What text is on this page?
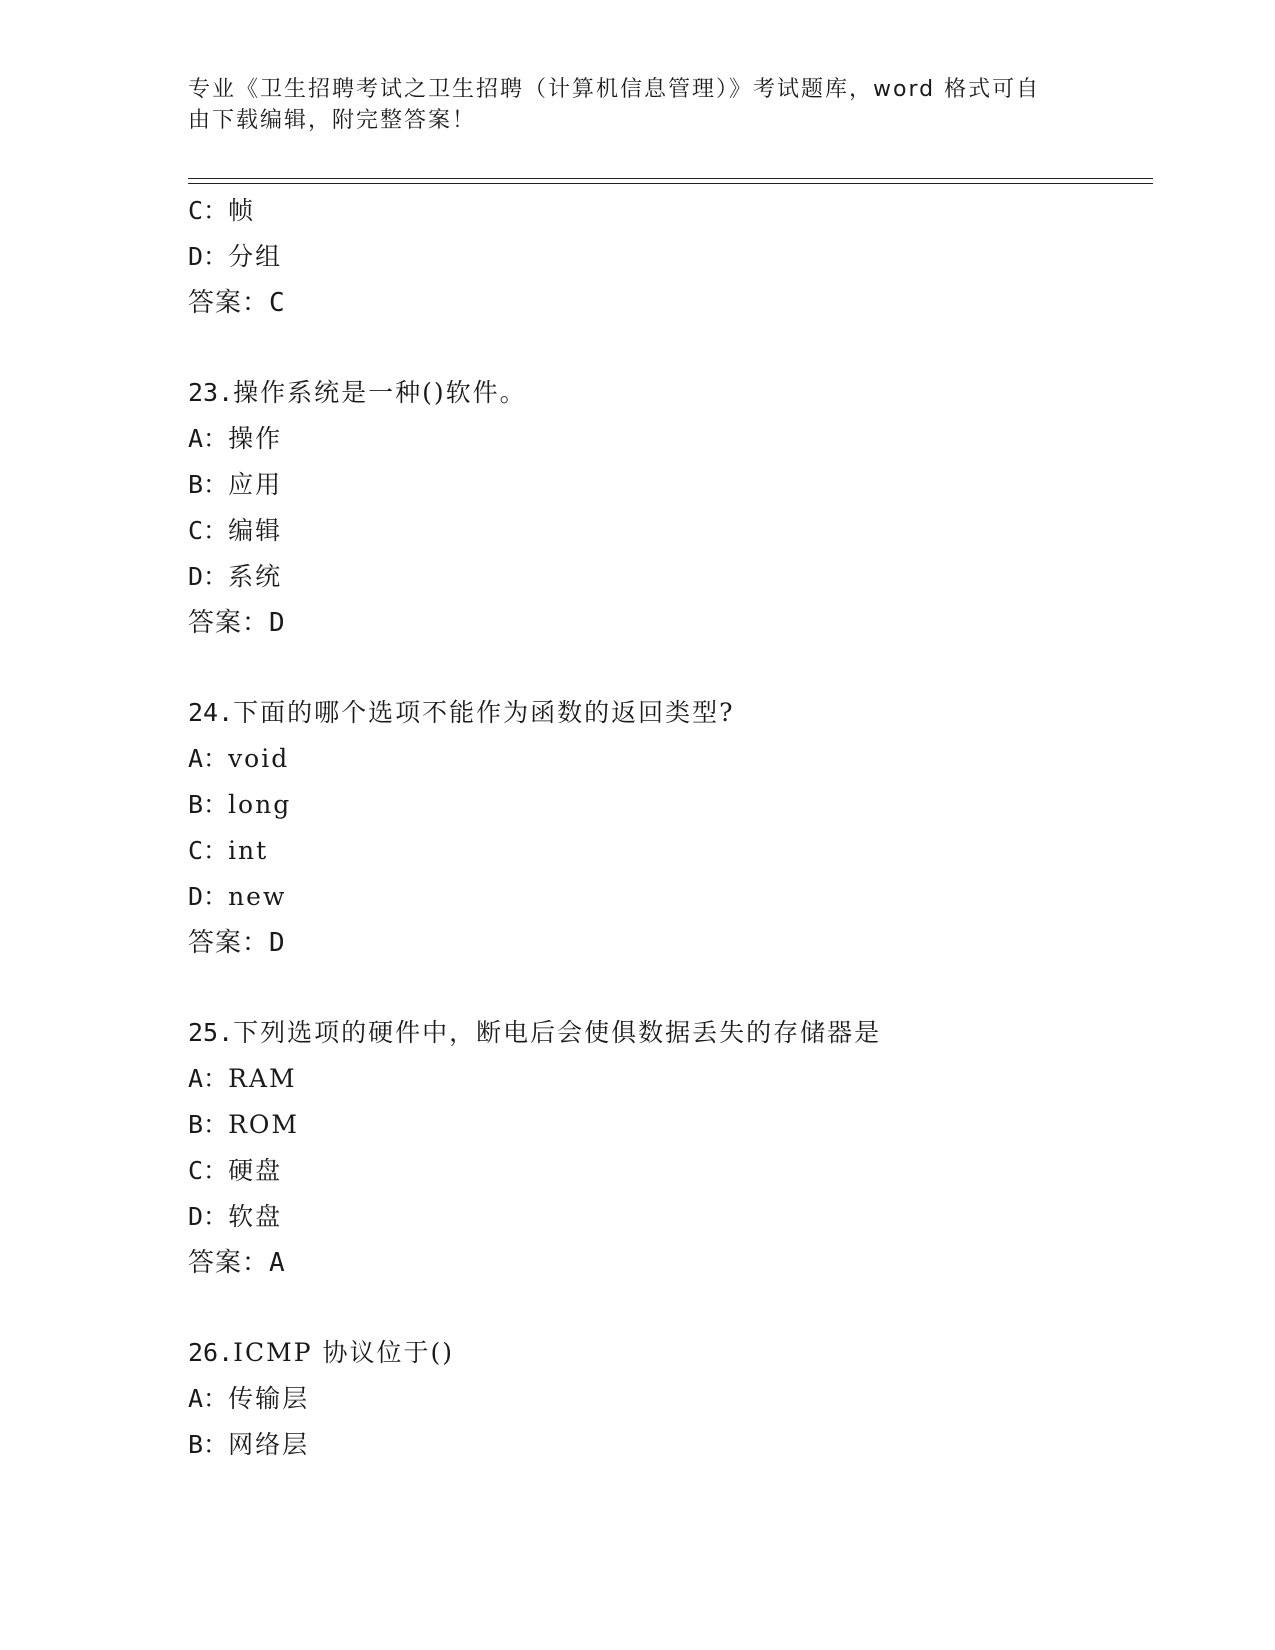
专业《卫生招聘考试之卫生招聘（计算机信息管理）》考试题库，word 格式可自
由下载编辑，附完整答案！
C：帧
D：分组
答案：C
23.操作系统是一种()软件。
A：操作
B：应用
C：编辑
D：系统
答案：D
24.下面的哪个选项不能作为函数的返回类型?
A：void
B：long
C：int
D：new
答案：D
25.下列选项的硬件中，断电后会使俱数据丢失的存储器是
A：RAM
B：ROM
C：硬盘
D：软盘
答案：A
26.ICMP 协议位于()
A：传输层
B：网络层
